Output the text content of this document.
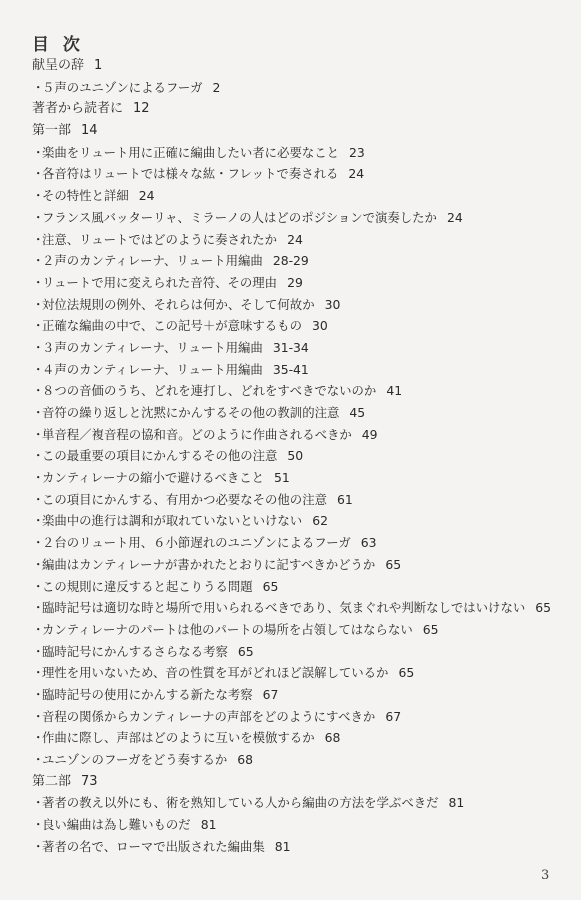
目 次
献呈の辞 1
・５声のユニゾンによるフーガ 2
著者から読者に 12
第一部 14
・楽曲をリュート用に正確に編曲したい者に必要なこと 23
・各音符はリュートでは様々な紘・フレットで奏される 24
・その特性と詳細 24
・フランス風バッターリャ、ミラーノの人はどのポジションで演奏したか 24
・注意、リュートではどのように奏されたか 24
・２声のカンティレーナ、リュート用編曲 28-29
・リュートで用に変えられた音符、その理由 29
・対位法規則の例外、それらは何か、そして何故か 30
・正確な編曲の中で、この記号＋が意味するもの 30
・３声のカンティレーナ、リュート用編曲 31-34
・４声のカンティレーナ、リュート用編曲 35-41
・８つの音価のうち、どれを連打し、どれをすべきでないのか 41
・音符の繰り返しと沈黙にかんするその他の教訓的注意 45
・単音程／複音程の協和音。どのように作曲されるべきか 49
・この最重要の項目にかんするその他の注意 50
・カンティレーナの縮小で避けるべきこと 51
・この項目にかんする、有用かつ必要なその他の注意 61
・楽曲中の進行は調和が取れていないといけない 62
・２台のリュート用、６小節遅れのユニゾンによるフーガ 63
・編曲はカンティレーナが書かれたとおりに記すべきかどうか 65
・この規則に違反すると起こりうる問題 65
・臨時記号は適切な時と場所で用いられるべきであり、気まぐれや判断なしではいけない 65
・カンティレーナのパートは他のパートの場所を占領してはならない 65
・臨時記号にかんするさらなる考察 65
・理性を用いないため、音の性質を耳がどれほど誤解しているか 65
・臨時記号の使用にかんする新たな考察 67
・音程の関係からカンティレーナの声部をどのようにすべきか 67
・作曲に際し、声部はどのように互いを模倣するか 68
・ユニゾンのフーガをどう奏するか 68
第二部 73
・著者の教え以外にも、術を熟知している人から編曲の方法を学ぶべきだ 81
・良い編曲は為し難いものだ 81
・著者の名で、ローマで出版された編曲集 81
3
